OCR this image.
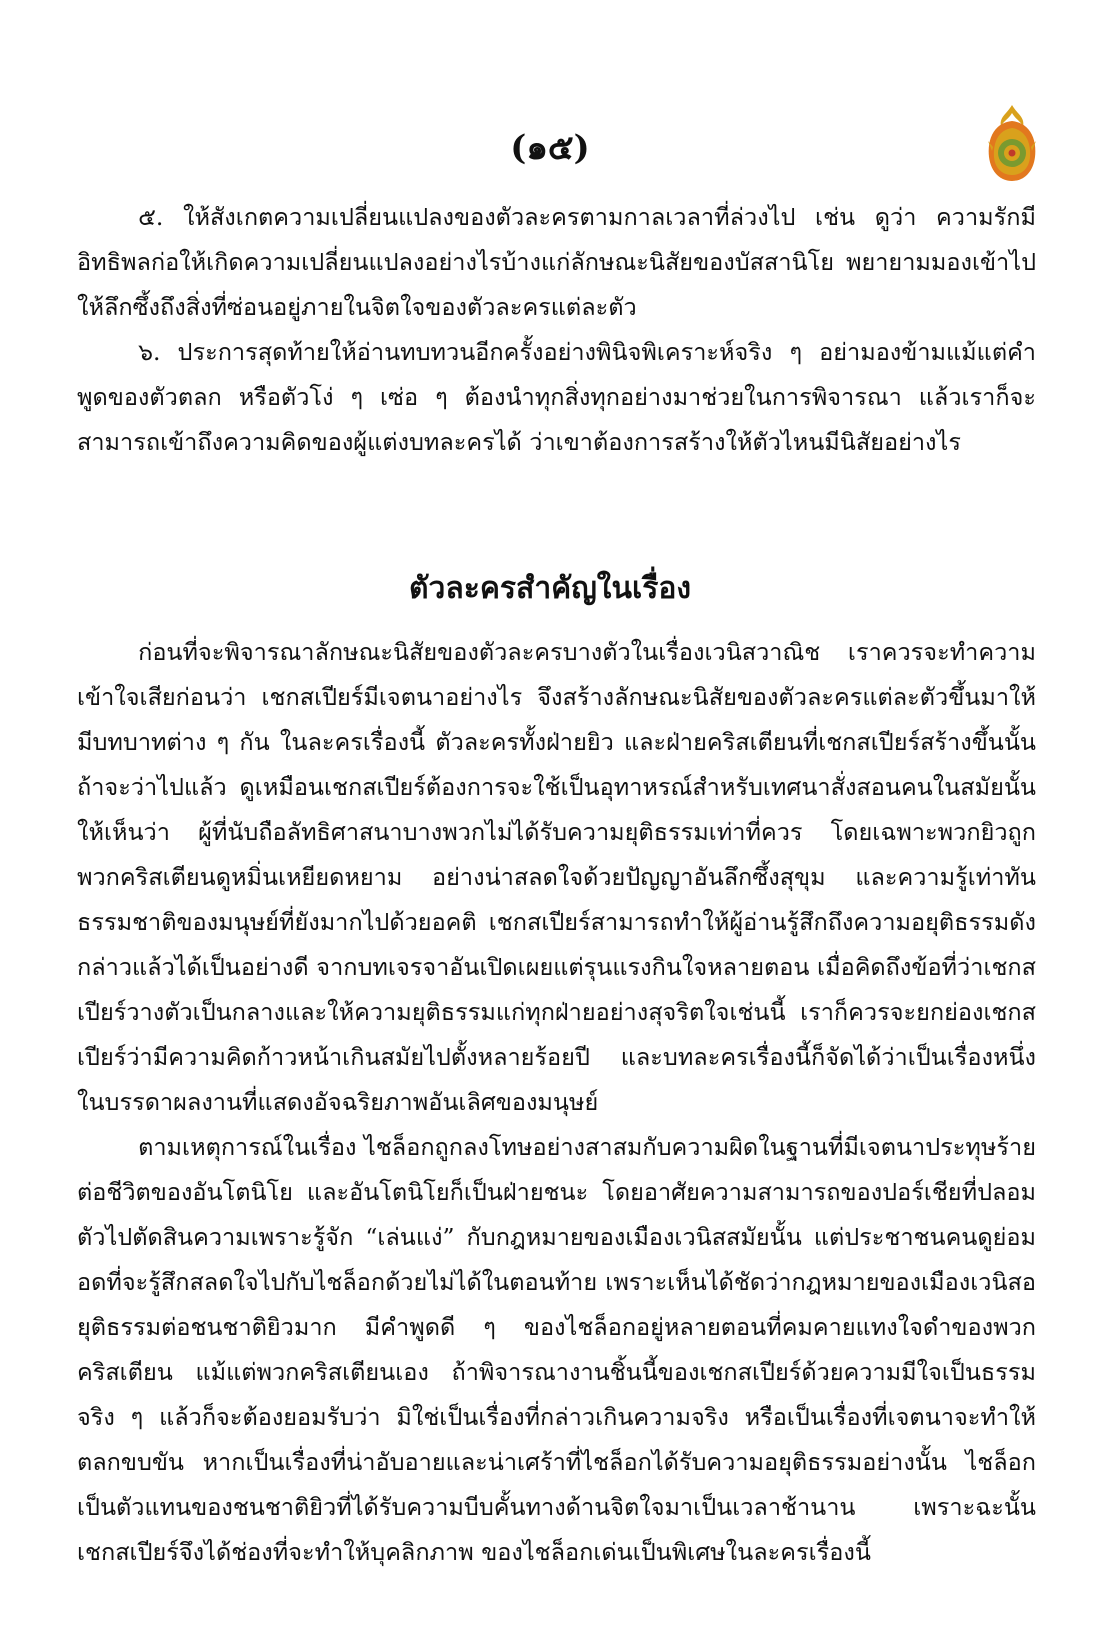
(๑๕)

๕. ให้สังเกตความเปลี่ยนแปลงของตัวละครตามกาลเวลาที่ล่วงไป เช่น ดูว่า ความรักมีอิทธิพลก่อให้เกิดความเปลี่ยนแปลงอย่างไรบ้างแก่ลักษณะนิสัยของบัสสานิโย พยายามมองเข้าไปให้ลึกซึ้งถึงสิ่งที่ซ่อนอยู่ภายในจิตใจของตัวละครแต่ละตัว

๖. ประการสุดท้ายให้อ่านทบทวนอีกครั้งอย่างพินิจพิเคราะห์จริง ๆ อย่ามองข้ามแม้แต่คำพูดของตัวตลก หรือตัวโง่ ๆ เซ่อ ๆ ต้องนำทุกสิ่งทุกอย่างมาช่วยในการพิจารณา แล้วเราก็จะสามารถเข้าถึงความคิดของผู้แต่งบทละครได้ ว่าเขาต้องการสร้างให้ตัวไหนมีนิสัยอย่างไร

ตัวละครสำคัญในเรื่อง

ก่อนที่จะพิจารณาลักษณะนิสัยของตัวละครบางตัวในเรื่องเวนิสวาณิช เราควรจะทำความเข้าใจเสียก่อนว่า เชกสเปียร์มีเจตนาอย่างไร จึงสร้างลักษณะนิสัยของตัวละครแต่ละตัวขึ้นมาให้มีบทบาทต่าง ๆ กัน ในละครเรื่องนี้ ตัวละครทั้งฝ่ายยิว และฝ่ายคริสเตียนที่เชกสเปียร์สร้างขึ้นนั้น ถ้าจะว่าไปแล้ว ดูเหมือนเชกสเปียร์ต้องการจะใช้เป็นอุทาหรณ์สำหรับเทศนาสั่งสอนคนในสมัยนั้นให้เห็นว่า ผู้ที่นับถือลัทธิศาสนาบางพวกไม่ได้รับความยุติธรรมเท่าที่ควร โดยเฉพาะพวกยิวถูกพวกคริสเตียนดูหมิ่นเหยียดหยาม อย่างน่าสลดใจด้วยปัญญาอันลึกซึ้งสุขุม และความรู้เท่าทันธรรมชาติของมนุษย์ที่ยังมากไปด้วยอคติ เชกสเปียร์สามารถทำให้ผู้อ่านรู้สึกถึงความอยุติธรรมดังกล่าวแล้วได้เป็นอย่างดี จากบทเจรจาอันเปิดเผยแต่รุนแรงกินใจหลายตอน เมื่อคิดถึงข้อที่ว่าเชกสเปียร์วางตัวเป็นกลางและให้ความยุติธรรมแก่ทุกฝ่ายอย่างสุจริตใจเช่นนี้ เราก็ควรจะยกย่องเชกสเปียร์ว่ามีความคิดก้าวหน้าเกินสมัยไปตั้งหลายร้อยปี และบทละครเรื่องนี้ก็จัดได้ว่าเป็นเรื่องหนึ่งในบรรดาผลงานที่แสดงอัจฉริยภาพอันเลิศของมนุษย์

ตามเหตุการณ์ในเรื่อง ไชล็อกถูกลงโทษอย่างสาสมกับความผิดในฐานที่มีเจตนาประทุษร้ายต่อชีวิตของอันโตนิโย และอันโตนิโยก็เป็นฝ่ายชนะ โดยอาศัยความสามารถของปอร์เชียที่ปลอมตัวไปตัดสินความเพราะรู้จัก “เล่นแง่” กับกฎหมายของเมืองเวนิสสมัยนั้น แต่ประชาชนคนดูย่อมอดที่จะรู้สึกสลดใจไปกับไชล็อกด้วยไม่ได้ในตอนท้าย เพราะเห็นได้ชัดว่ากฎหมายของเมืองเวนิสอยุติธรรมต่อชนชาติยิวมาก มีคำพูดดี ๆ ของไชล็อกอยู่หลายตอนที่คมคายแทงใจดำของพวกคริสเตียน แม้แต่พวกคริสเตียนเอง ถ้าพิจารณางานชิ้นนี้ของเชกสเปียร์ด้วยความมีใจเป็นธรรมจริง ๆ แล้วก็จะต้องยอมรับว่า มิใช่เป็นเรื่องที่กล่าวเกินความจริง หรือเป็นเรื่องที่เจตนาจะทำให้ตลกขบขัน หากเป็นเรื่องที่น่าอับอายและน่าเศร้าที่ไชล็อกได้รับความอยุติธรรมอย่างนั้น ไชล็อกเป็นตัวแทนของชนชาติยิวที่ได้รับความบีบคั้นทางด้านจิตใจมาเป็นเวลาช้านาน เพราะฉะนั้นเชกสเปียร์จึงได้ช่องที่จะทำให้บุคลิกภาพ ของไชล็อกเด่นเป็นพิเศษในละครเรื่องนี้
